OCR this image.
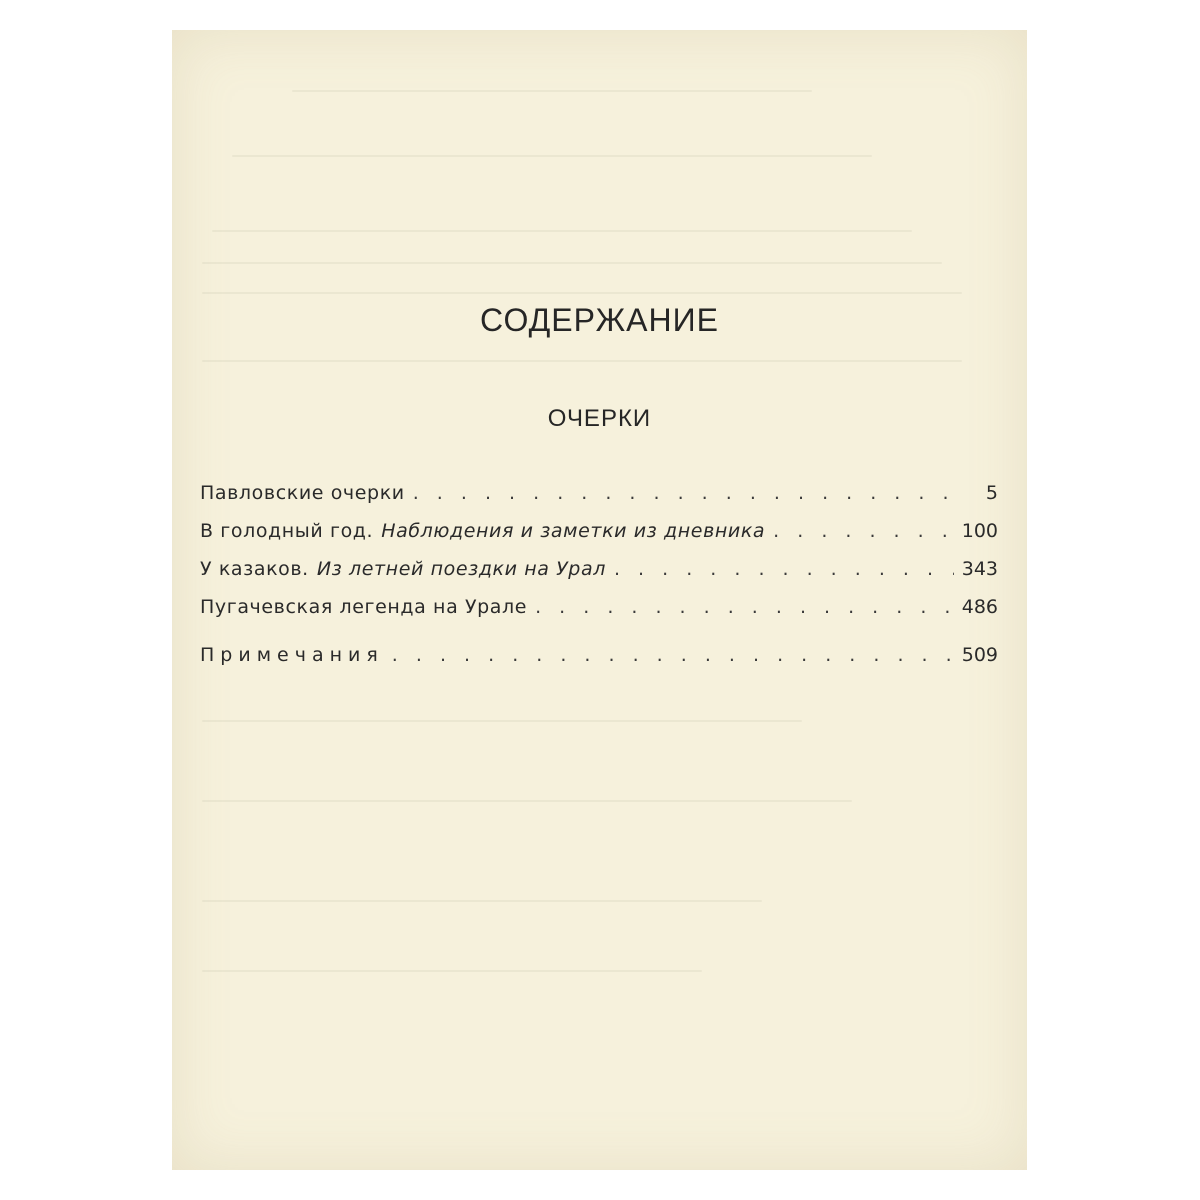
СОДЕРЖАНИЕ
ОЧЕРКИ
Павловские очерки . . .	5
В голодный год. Наблюдения и заметки из дневника . . .	100
У казаков. Из летней поездки на Урал . . .	343
Пугачевская легенда на Урале . . .	486
Примечания . . .	509
